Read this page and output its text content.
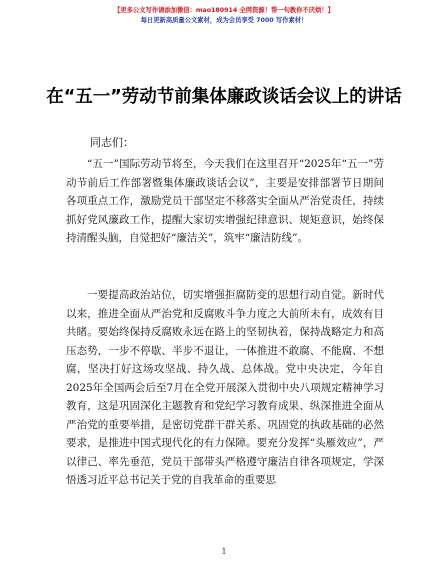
【更多公文写作请添加微信：mao180914 全网资源！帮一句教你不厌烦！】
每日更新高质量公文素材，成为会员享受 7000 写作素材！
在“五一”劳动节前集体廉政谈话会议上的讲话
同志们：
“五一”国际劳动节将至，今天我们在这里召开“2025年“五一”劳动节前后工作部署暨集体廉政谈话会议”，主要是安排部署节日期间各项重点工作，激励党员干部坚定不移落实全面从严治党责任，持续抓好党风廉政工作，提醒大家切实增强纪律意识、规矩意识，始终保持清醒头脑，自觉把好“廉洁关”，筑牢“廉洁防线”。
一要提高政治站位，切实增强拒腐防变的思想行动自觉。新时代以来，推进全面从严治党和反腐败斗争力度之大前所未有，成效有目共睹。要始终保持反腐败永远在路上的坚韧执着，保持战略定力和高压态势，一步不停歇、半步不退让，一体推进不敢腐、不能腐、不想腐，坚决打好这场攻坚战、持久战、总体战。党中央决定，今年自2025年全国两会后至7月在全党开展深入贯彻中央八项规定精神学习教育，这是巩固深化主题教育和党纪学习教育成果、纵深推进全面从严治党的重要举措，是密切党群干群关系、巩固党的执政基础的必然要求，是推进中国式现代化的有力保障。要充分发挥“头雁效应”，严以律己、率先垂范，党员干部带头严格遵守廉洁自律各项规定，学深悟透习近平总书记关于党的自我革命的重要思
1
